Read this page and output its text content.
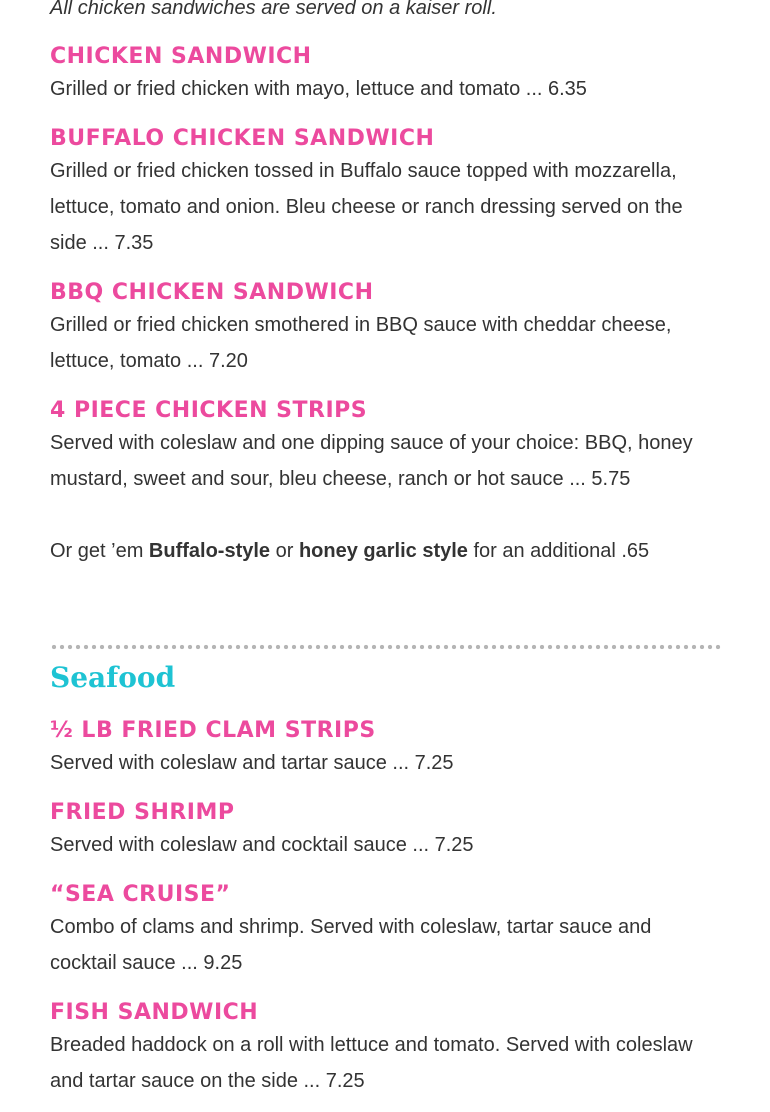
All chicken sandwiches are served on a kaiser roll.
CHICKEN SANDWICH

Grilled or fried chicken with mayo, lettuce and tomato ... 6.35

BUFFALO CHICKEN SANDWICH

Grilled or fried chicken tossed in Buffalo sauce topped with mozzarella, lettuce, tomato and onion. Bleu cheese or ranch dressing served on the side ... 7.35

BBQ CHICKEN SANDWICH

Grilled or fried chicken smothered in BBQ sauce with cheddar cheese, lettuce, tomato ... 7.20

4 PIECE CHICKEN STRIPS

Served with coleslaw and one dipping sauce of your choice: BBQ, honey mustard, sweet and sour, bleu cheese, ranch or hot sauce ... 5.75

Or get ’em Buffalo-style or honey garlic style for an additional .65

Seafood
½ LB FRIED CLAM STRIPS

Served with coleslaw and tartar sauce ... 7.25

FRIED SHRIMP

Served with coleslaw and cocktail sauce ... 7.25

“SEA CRUISE”

Combo of clams and shrimp. Served with coleslaw, tartar sauce and cocktail sauce ... 9.25

FISH SANDWICH

Breaded haddock on a roll with lettuce and tomato. Served with coleslaw and tartar sauce on the side ... 7.25
